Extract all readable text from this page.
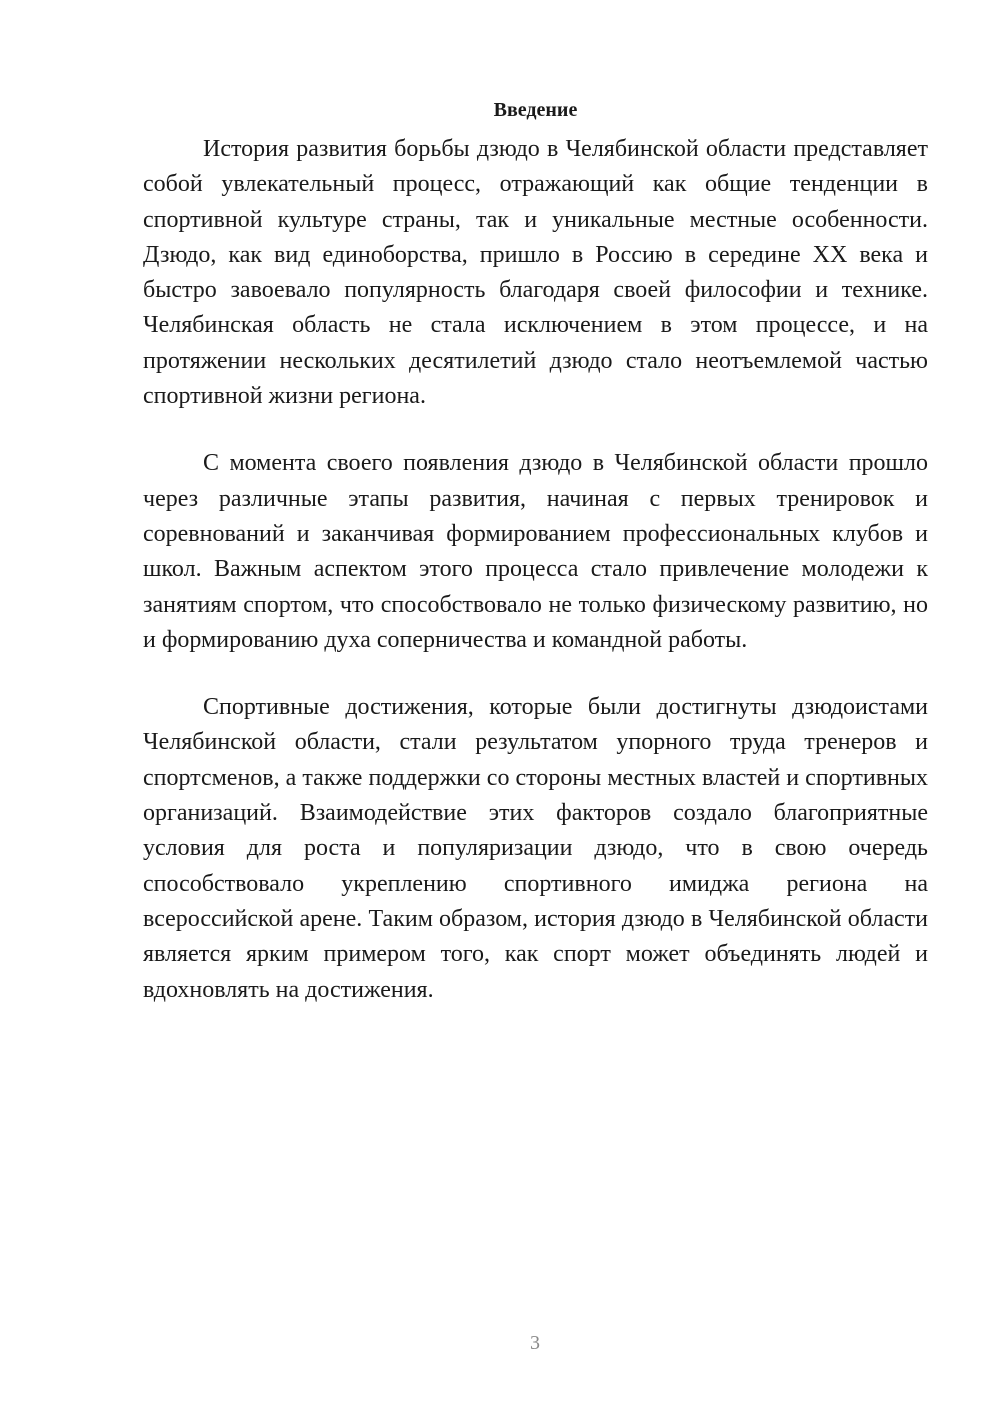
Введение

История развития борьбы дзюдо в Челябинской области представляет собой увлекательный процесс, отражающий как общие тенденции в спортивной культуре страны, так и уникальные местные особенности. Дзюдо, как вид единоборства, пришло в Россию в середине XX века и быстро завоевало популярность благодаря своей философии и технике. Челябинская область не стала исключением в этом процессе, и на протяжении нескольких десятилетий дзюдо стало неотъемлемой частью спортивной жизни региона.

С момента своего появления дзюдо в Челябинской области прошло через различные этапы развития, начиная с первых тренировок и соревнований и заканчивая формированием профессиональных клубов и школ. Важным аспектом этого процесса стало привлечение молодежи к занятиям спортом, что способствовало не только физическому развитию, но и формированию духа соперничества и командной работы.

Спортивные достижения, которые были достигнуты дзюдоистами Челябинской области, стали результатом упорного труда тренеров и спортсменов, а также поддержки со стороны местных властей и спортивных организаций. Взаимодействие этих факторов создало благоприятные условия для роста и популяризации дзюдо, что в свою очередь способствовало укреплению спортивного имиджа региона на всероссийской арене. Таким образом, история дзюдо в Челябинской области является ярким примером того, как спорт может объединять людей и вдохновлять на достижения.

3
